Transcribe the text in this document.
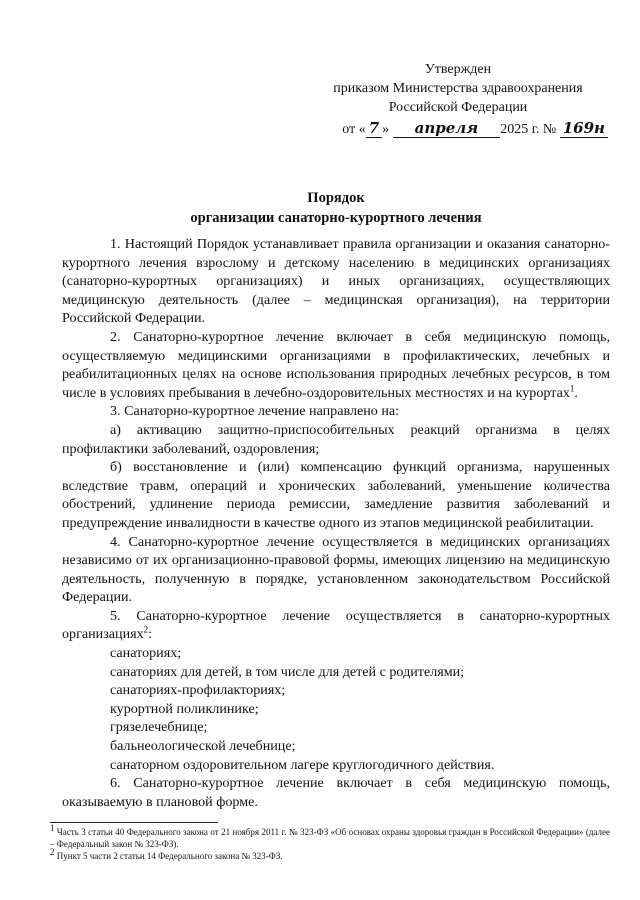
Утвержден
приказом Министерства здравоохранения
Российской Федерации
от « 7 » апреля 2025 г. № 169н
Порядок
организации санаторно-курортного лечения

1. Настоящий Порядок устанавливает правила организации и оказания санаторно-курортного лечения взрослому и детскому населению в медицинских организациях (санаторно-курортных организациях) и иных организациях, осуществляющих медицинскую деятельность (далее – медицинская организация), на территории Российской Федерации.

2. Санаторно-курортное лечение включает в себя медицинскую помощь, осуществляемую медицинскими организациями в профилактических, лечебных и реабилитационных целях на основе использования природных лечебных ресурсов, в том числе в условиях пребывания в лечебно-оздоровительных местностях и на курортах$^1$.

3. Санаторно-курортное лечение направлено на:

а) активацию защитно-приспособительных реакций организма в целях профилактики заболеваний, оздоровления;

б) восстановление и (или) компенсацию функций организма, нарушенных вследствие травм, операций и хронических заболеваний, уменьшение количества обострений, удлинение периода ремиссии, замедление развития заболеваний и предупреждение инвалидности в качестве одного из этапов медицинской реабилитации.

4. Санаторно-курортное лечение осуществляется в медицинских организациях независимо от их организационно-правовой формы, имеющих лицензию на медицинскую деятельность, полученную в порядке, установленном законодательством Российской Федерации.

5. Санаторно-курортное лечение осуществляется в санаторно-курортных организациях$^2$:

санаториях;

санаториях для детей, в том числе для детей с родителями;

санаториях-профилакториях;

курортной поликлинике;

грязелечебнице;

бальнеологической лечебнице;

санаторном оздоровительном лагере круглогодичного действия.

6. Санаторно-курортное лечение включает в себя медицинскую помощь, оказываемую в плановой форме.

$^1$ Часть 3 статьи 40 Федерального закона от 21 ноября 2011 г. № 323-ФЗ «Об основах охраны здоровья граждан в Российской Федерации» (далее – Федеральный закон № 323-ФЗ).

$^2$ Пункт 5 части 2 статьи 14 Федерального закона № 323-ФЗ.
